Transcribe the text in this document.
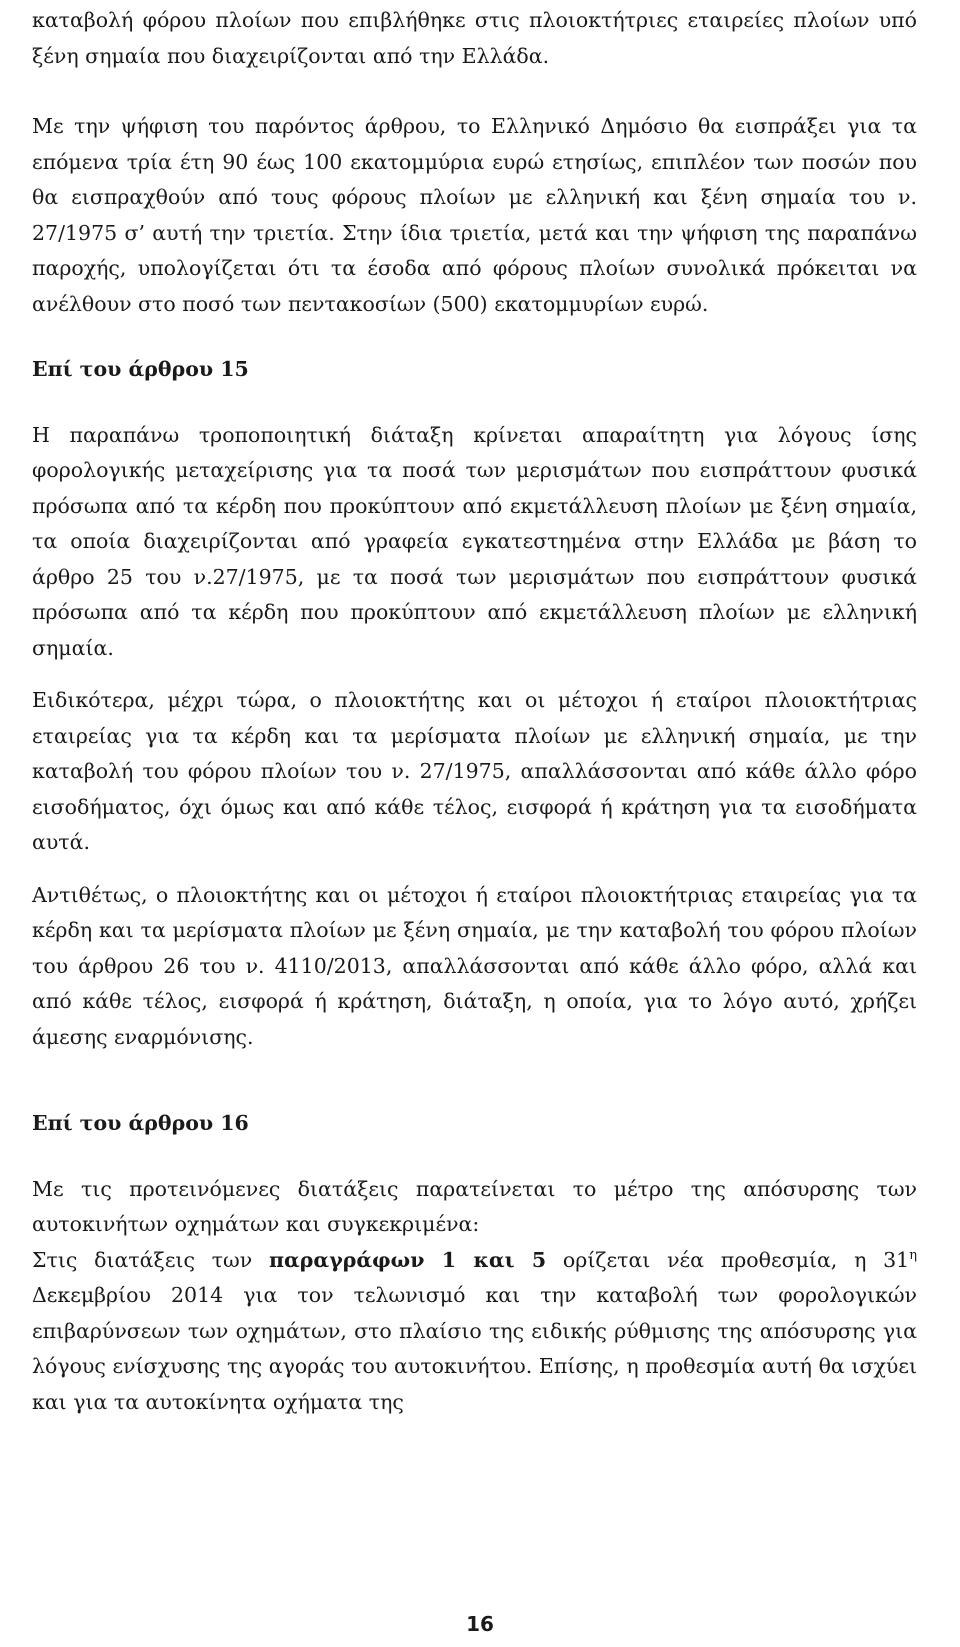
καταβολή φόρου πλοίων που επιβλήθηκε στις πλοιοκτήτριες εταιρείες πλοίων υπό ξένη σημαία που διαχειρίζονται από την Ελλάδα.

Με την ψήφιση του παρόντος άρθρου, το Ελληνικό Δημόσιο θα εισπράξει για τα επόμενα τρία έτη 90 έως 100 εκατομμύρια ευρώ ετησίως, επιπλέον των ποσών που θα εισπραχθούν από τους φόρους πλοίων με ελληνική και ξένη σημαία του ν. 27/1975 σ’ αυτή την τριετία. Στην ίδια τριετία, μετά και την ψήφιση της παραπάνω παροχής, υπολογίζεται ότι τα έσοδα από φόρους πλοίων συνολικά πρόκειται να ανέλθουν στο ποσό των πεντακοσίων (500) εκατομμυρίων ευρώ.

Επί του άρθρου 15

Η παραπάνω τροποποιητική διάταξη κρίνεται απαραίτητη για λόγους ίσης φορολογικής μεταχείρισης για τα ποσά των μερισμάτων που εισπράττουν φυσικά πρόσωπα από τα κέρδη που προκύπτουν από εκμετάλλευση πλοίων με ξένη σημαία, τα οποία διαχειρίζονται από γραφεία εγκατεστημένα στην Ελλάδα με βάση το άρθρο 25 του ν.27/1975, με τα ποσά των μερισμάτων που εισπράττουν φυσικά πρόσωπα από τα κέρδη που προκύπτουν από εκμετάλλευση πλοίων με ελληνική σημαία.

Ειδικότερα, μέχρι τώρα, ο πλοιοκτήτης και οι μέτοχοι ή εταίροι πλοιοκτήτριας εταιρείας για τα κέρδη και τα μερίσματα πλοίων με ελληνική σημαία, με την καταβολή του φόρου πλοίων του ν. 27/1975, απαλλάσσονται από κάθε άλλο φόρο εισοδήματος, όχι όμως και από κάθε τέλος, εισφορά ή κράτηση για τα εισοδήματα αυτά.

Αντιθέτως, ο πλοιοκτήτης και οι μέτοχοι ή εταίροι πλοιοκτήτριας εταιρείας για τα κέρδη και τα μερίσματα πλοίων με ξένη σημαία, με την καταβολή του φόρου πλοίων του άρθρου 26 του ν. 4110/2013, απαλλάσσονται από κάθε άλλο φόρο, αλλά και από κάθε τέλος, εισφορά ή κράτηση, διάταξη, η οποία, για το λόγο αυτό, χρήζει άμεσης εναρμόνισης.

Επί του άρθρου 16

Με τις προτεινόμενες διατάξεις παρατείνεται το μέτρο της απόσυρσης των αυτοκινήτων οχημάτων και συγκεκριμένα:

Στις διατάξεις των παραγράφων 1 και 5 ορίζεται νέα προθεσμία, η $31^\eta$ Δεκεμβρίου 2014 για τον τελωνισμό και την καταβολή των φορολογικών επιβαρύνσεων των οχημάτων, στο πλαίσιο της ειδικής ρύθμισης της απόσυρσης για λόγους ενίσχυσης της αγοράς του αυτοκινήτου. Επίσης, η προθεσμία αυτή θα ισχύει και για τα αυτοκίνητα οχήματα της

16
